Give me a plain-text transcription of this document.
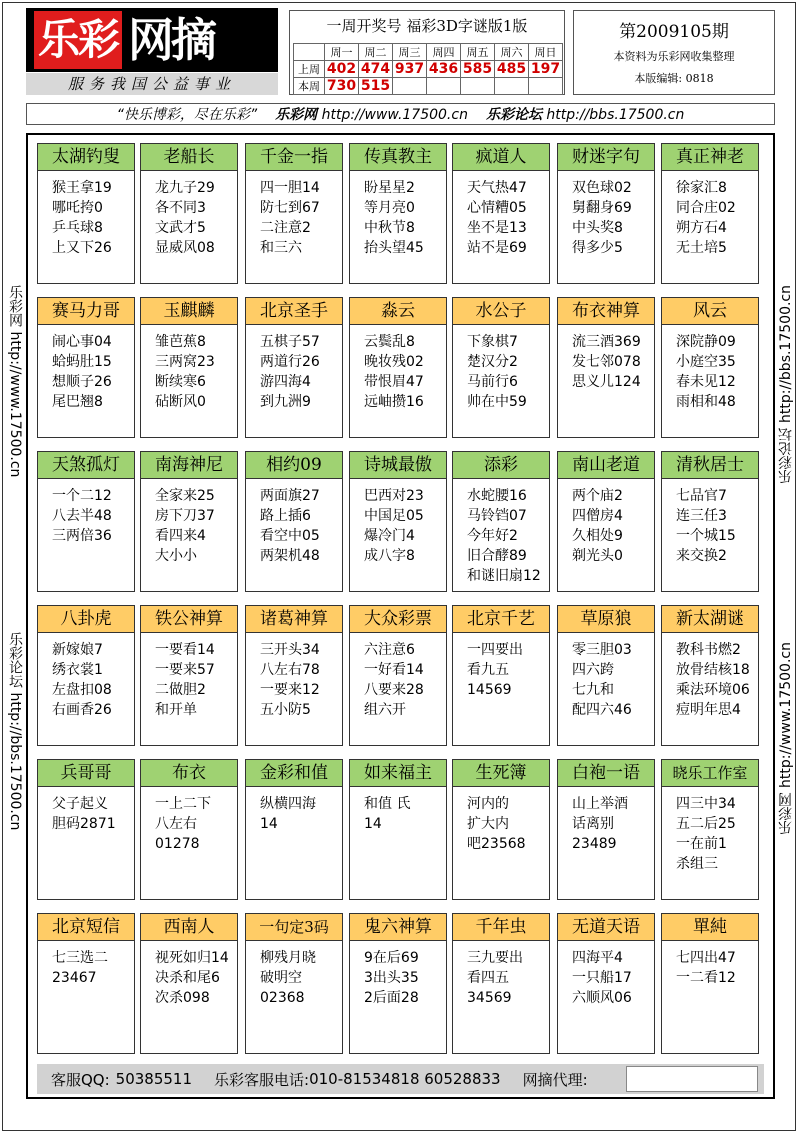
乐彩 网摘
服务我国公益事业
一周开奖号 福彩3D字谜版1版
	周一	周二	周三	周四	周五	周六	周日
上周	402	474	937	436	585	485	197
本周	730	515					
第2009105期
本资料为乐彩网收集整理
本版编辑: 0818
“快乐博彩，尽在乐彩” 乐彩网 http://www.17500.cn 乐彩论坛 http://bbs.17500.cn
乐彩网 http://www.17500.cn
乐彩论坛 http://bbs.17500.cn
乐彩论坛 http://bbs.17500.cn
乐彩网 http://www.17500.cn
太湖钓叟
猴王拿19
哪吒挎0
乒乓球8
上又下26
老船长
龙九子29
各不同3
文武才5
显威风08
千金一指
四一胆14
防七到67
二注意2
和三六
传真教主
盼星星2
等月亮0
中秋节8
抬头望45
疯道人
天气热47
心情糟05
坐不是13
站不是69
财迷字句
双色球02
舅翻身69
中头奖8
得多少5
真正神老
徐家汇8
同合庄02
朔方石4
无土培5
赛马力哥
闹心事04
蛤蚂肚15
想顺子26
尾巴翘8
玉麒麟
雏芭蕉8
三两窝23
断续寒6
砧断风0
北京圣手
五棋子57
两道行26
游四海4
到九洲9
淼云
云鬓乱8
晚妆残02
带恨眉47
远岫攒16
水公子
下象棋7
楚汉分2
马前行6
帅在中59
布衣神算
流三酒369
发七邻078
思义儿124
风云
深院静09
小庭空35
春未见12
雨相和48
天煞孤灯
一个二12
八去半48
三两倍36
南海神尼
全家来25
房下刀37
看四来4
大小小
相约09
两面旗27
路上插6
看空中05
两架机48
诗城最傲
巴西对23
中国足05
爆冷门4
成八字8
添彩
水蛇腰16
马铃铛07
今年好2
旧合酵89
和谜旧扇12
南山老道
两个庙2
四僧房4
久相处9
剃光头0
清秋居士
七品官7
连三任3
一个城15
来交换2
八卦虎
新嫁娘7
绣衣裳1
左盘扣08
右画香26
铁公神算
一要看14
一要来57
二做胆2
和开单
诸葛神算
三开头34
八左右78
一要来12
五小防5
大众彩票
六注意6
一好看14
八要来28
组六开
北京千艺
一四要出
看九五
14569
草原狼
零三胆03
四六跨
七九和
配四六46
新太湖谜
教科书燃2
放骨结核18
乘法环境06
痘明年思4
兵哥哥
父子起义
胆码2871
布衣
一上二下
八左右
01278
金彩和值
纵横四海
14
如来福主
和值 氏
14
生死簿
河内的
扩大内
吧23568
白袍一语
山上举酒
话离别
23489
晓乐工作室
四三中34
五二后25
一在前1
杀组三
北京短信
七三选二
23467
西南人
视死如归14
决杀和尾6
次杀098
一句定3码
柳残月晓
破明空
02368
鬼六神算
9在后69
3出头35
2后面28
千年虫
三九要出
看四五
34569
无道天语
四海平4
一只船17
六顺风06
單純
七四出47
一二看12
客服QQ: 50385511 乐彩客服电话: 010-81534818 60528833 网摘代理:
